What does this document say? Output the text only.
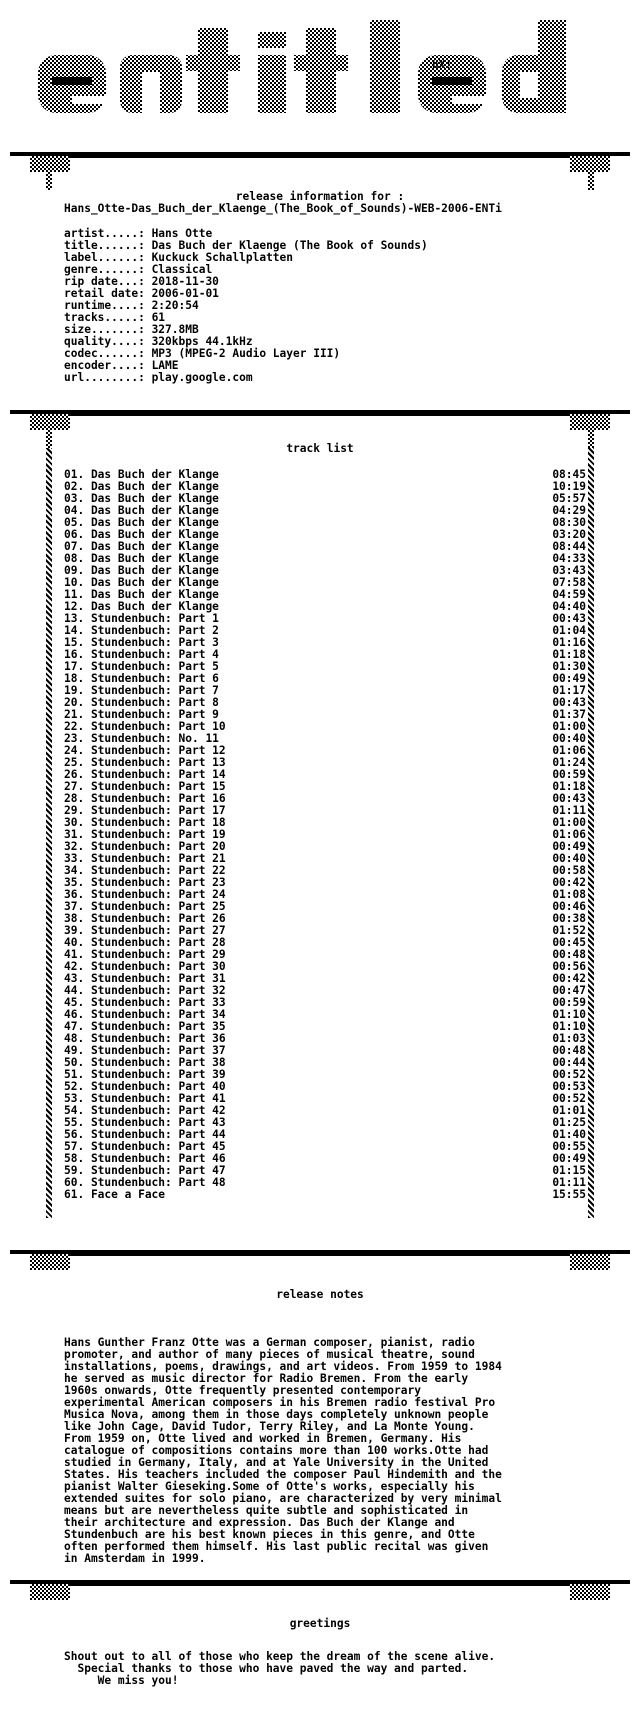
hX!
release information for :
Hans_Otte-Das_Buch_der_Klaenge_(The_Book_of_Sounds)-WEB-2006-ENTi
artist.....: Hans Otte
title......: Das Buch der Klaenge (The Book of Sounds)
label......: Kuckuck Schallplatten
genre......: Classical
rip date...: 2018-11-30
retail date: 2006-01-01
runtime....: 2:20:54
tracks.....: 61
size.......: 327.8MB
quality....: 320kbps 44.1kHz
codec......: MP3 (MPEG-2 Audio Layer III)
encoder....: LAME
url........: play.google.com
track list
01. Das Buch der Klange	08:45
02. Das Buch der Klange	10:19
03. Das Buch der Klange	05:57
04. Das Buch der Klange	04:29
05. Das Buch der Klange	08:30
06. Das Buch der Klange	03:20
07. Das Buch der Klange	08:44
08. Das Buch der Klange	04:33
09. Das Buch der Klange	03:43
10. Das Buch der Klange	07:58
11. Das Buch der Klange	04:59
12. Das Buch der Klange	04:40
13. Stundenbuch: Part 1	00:43
14. Stundenbuch: Part 2	01:04
15. Stundenbuch: Part 3	01:16
16. Stundenbuch: Part 4	01:18
17. Stundenbuch: Part 5	01:30
18. Stundenbuch: Part 6	00:49
19. Stundenbuch: Part 7	01:17
20. Stundenbuch: Part 8	00:43
21. Stundenbuch: Part 9	01:37
22. Stundenbuch: Part 10	01:00
23. Stundenbuch: No. 11	00:40
24. Stundenbuch: Part 12	01:06
25. Stundenbuch: Part 13	01:24
26. Stundenbuch: Part 14	00:59
27. Stundenbuch: Part 15	01:18
28. Stundenbuch: Part 16	00:43
29. Stundenbuch: Part 17	01:11
30. Stundenbuch: Part 18	01:00
31. Stundenbuch: Part 19	01:06
32. Stundenbuch: Part 20	00:49
33. Stundenbuch: Part 21	00:40
34. Stundenbuch: Part 22	00:58
35. Stundenbuch: Part 23	00:42
36. Stundenbuch: Part 24	01:08
37. Stundenbuch: Part 25	00:46
38. Stundenbuch: Part 26	00:38
39. Stundenbuch: Part 27	01:52
40. Stundenbuch: Part 28	00:45
41. Stundenbuch: Part 29	00:48
42. Stundenbuch: Part 30	00:56
43. Stundenbuch: Part 31	00:42
44. Stundenbuch: Part 32	00:47
45. Stundenbuch: Part 33	00:59
46. Stundenbuch: Part 34	01:10
47. Stundenbuch: Part 35	01:10
48. Stundenbuch: Part 36	01:03
49. Stundenbuch: Part 37	00:48
50. Stundenbuch: Part 38	00:44
51. Stundenbuch: Part 39	00:52
52. Stundenbuch: Part 40	00:53
53. Stundenbuch: Part 41	00:52
54. Stundenbuch: Part 42	01:01
55. Stundenbuch: Part 43	01:25
56. Stundenbuch: Part 44	01:40
57. Stundenbuch: Part 45	00:55
58. Stundenbuch: Part 46	00:49
59. Stundenbuch: Part 47	01:15
60. Stundenbuch: Part 48	01:11
61. Face a Face	15:55
release notes
Hans Gunther Franz Otte was a German composer, pianist, radio
promoter, and author of many pieces of musical theatre, sound
installations, poems, drawings, and art videos. From 1959 to 1984
he served as music director for Radio Bremen. From the early
1960s onwards, Otte frequently presented contemporary
experimental American composers in his Bremen radio festival Pro
Musica Nova, among them in those days completely unknown people
like John Cage, David Tudor, Terry Riley, and La Monte Young.
From 1959 on, Otte lived and worked in Bremen, Germany. His
catalogue of compositions contains more than 100 works.Otte had
studied in Germany, Italy, and at Yale University in the United
States. His teachers included the composer Paul Hindemith and the
pianist Walter Gieseking.Some of Otte's works, especially his
extended suites for solo piano, are characterized by very minimal
means but are nevertheless quite subtle and sophisticated in
their architecture and expression. Das Buch der Klange and
Stundenbuch are his best known pieces in this genre, and Otte
often performed them himself. His last public recital was given
in Amsterdam in 1999.
greetings
Shout out to all of those who keep the dream of the scene alive.
Special thanks to those who have paved the way and parted.
We miss you!
